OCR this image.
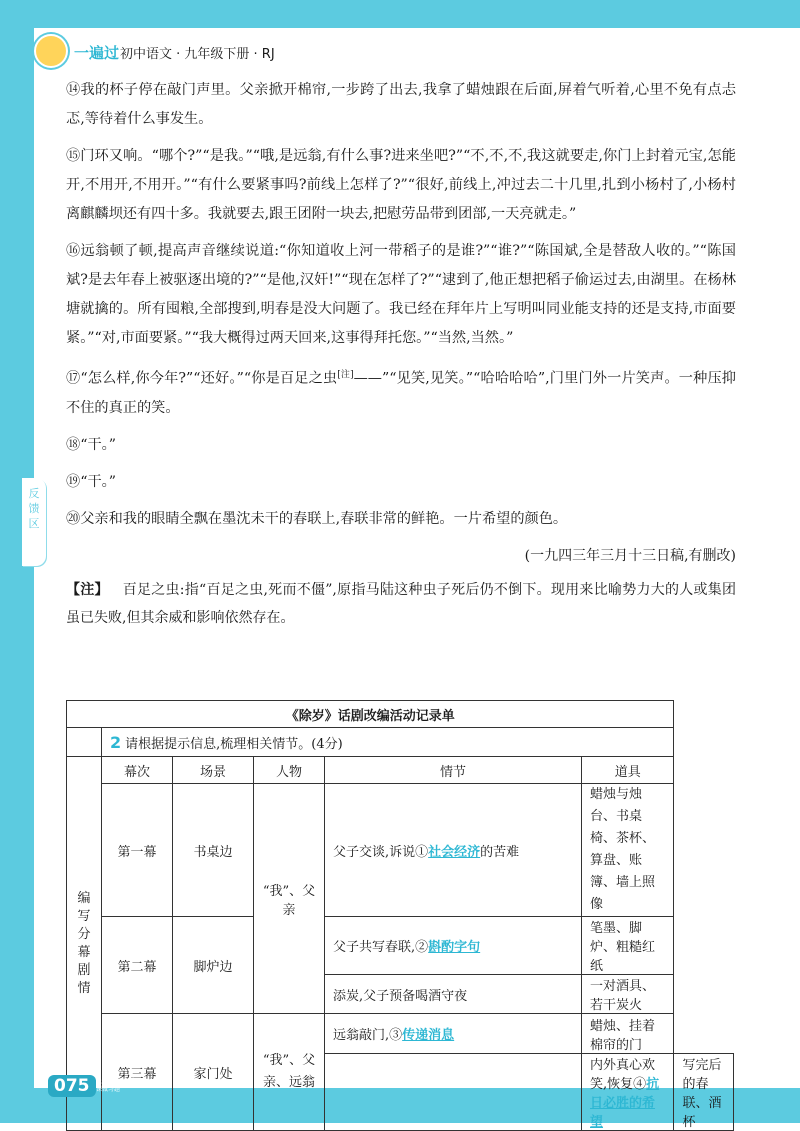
反馈区
一遍过 初中语文 · 九年级下册 · RJ

⑭我的杯子停在敲门声里。父亲掀开棉帘,一步跨了出去,我拿了蜡烛跟在后面,屏着气听着,心里不免有点忐忑,等待着什么事发生。

⑮门环又响。“哪个?”“是我。”“哦,是远翁,有什么事?进来坐吧?”“不,不,不,我这就要走,你门上封着元宝,怎能开,不用开,不用开。”“有什么要紧事吗?前线上怎样了?”“很好,前线上,冲过去二十几里,扎到小杨村了,小杨村离麒麟坝还有四十多。我就要去,跟王团附一块去,把慰劳品带到团部,一天亮就走。”

⑯远翁顿了顿,提高声音继续说道:“你知道收上河一带稻子的是谁?”“谁?”“陈国斌,全是替敌人收的。”“陈国斌?是去年春上被驱逐出境的?”“是他,汉奸!”“现在怎样了?”“逮到了,他正想把稻子偷运过去,由湖里。在杨林塘就擒的。所有囤粮,全部搜到,明春是没大问题了。我已经在拜年片上写明叫同业能支持的还是支持,市面要紧。”“对,市面要紧。”“我大概得过两天回来,这事得拜托您。”“当然,当然。”

⑰“怎么样,你今年?”“还好。”“你是百足之虫[注]——”“见笑,见笑。”“哈哈哈哈”,门里门外一片笑声。一种压抑不住的真正的笑。

⑱“干。”

⑲“干。”

⑳父亲和我的眼睛全飘在墨沈未干的春联上,春联非常的鲜艳。一片希望的颜色。

(一九四三年三月十三日稿,有删改)

【注】 百足之虫:指“百足之虫,死而不僵”,原指马陆这种虫子死后仍不倒下。现用来比喻势力大的人或集团虽已失败,但其余威和影响依然存在。

《除岁》话剧改编活动记录单						
	2 请根据提示信息,梳理相关情节。(4分)					
编写分幕剧情	幕次	场景	人物	情节	道具	
	第一幕	书桌边	“我”、父亲	父子交谈,诉说①社会经济的苦难	蜡烛与烛台、书桌椅、茶杯、算盘、账簿、墙上照像	
	第二幕	脚炉边		父子共写春联,②斟酌字句	笔墨、脚炉、粗糙红纸	
				添炭,父子预备喝酒守夜	一对酒具、若干炭火	
	第三幕	家门处	“我”、父亲、远翁	远翁敲门,③传递消息	蜡烛、挂着棉帘的门	
					内外真心欢笑,恢复④抗日必胜的希望	写完后的春联、酒杯
075	上课认真听 下课做习题
